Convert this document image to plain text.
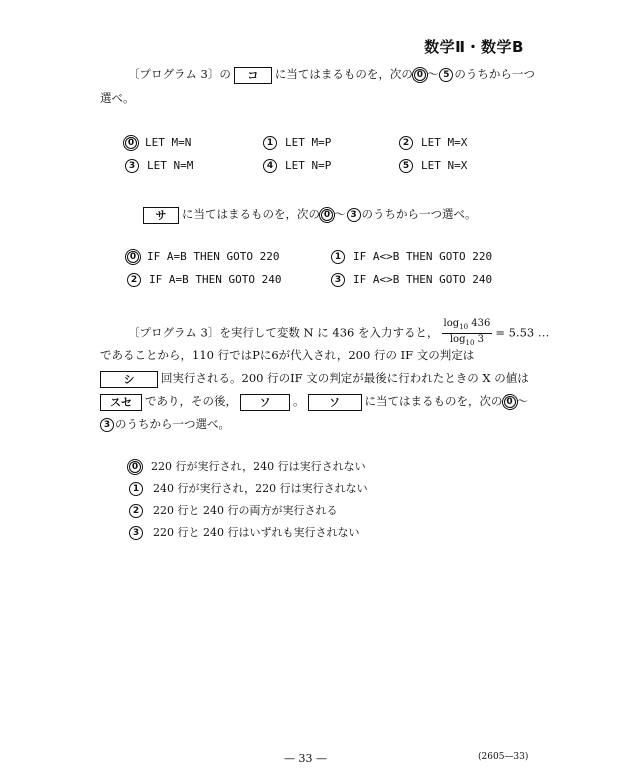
数学Ⅱ・数学B
〔プログラム 3〕の コ に当てはまるものを，次の 0 〜 5 のうちから一つ
選べ。
0 LET M=N	1 LET M=P	2 LET M=X
3 LET N=M	4 LET N=P	5 LET N=X
サ に当てはまるものを，次の 0 〜 3 のうちから一つ選べ。
0 IF A=B THEN GOTO 220	1 IF A<>B THEN GOTO 220
2 IF A=B THEN GOTO 240	3 IF A<>B THEN GOTO 240
〔プログラム 3〕を実行して変数 N に 436 を入力すると， $\frac{\log_{10} 436}{\log_{10} 3} = 5.53$ …
であることから，110 行ではPに6が代入され，200 行の IF 文の判定は
シ 回実行される。200 行のIF 文の判定が最後に行われたときの X の値は
スセ であり，その後， ソ 。 ソ に当てはまるものを，次の 0 〜
3 のうちから一つ選べ。
0 220 行が実行され，240 行は実行されない
1 240 行が実行され，220 行は実行されない
2 220 行と 240 行の両方が実行される
3 220 行と 240 行はいずれも実行されない
— 33 —	(2605—33)
